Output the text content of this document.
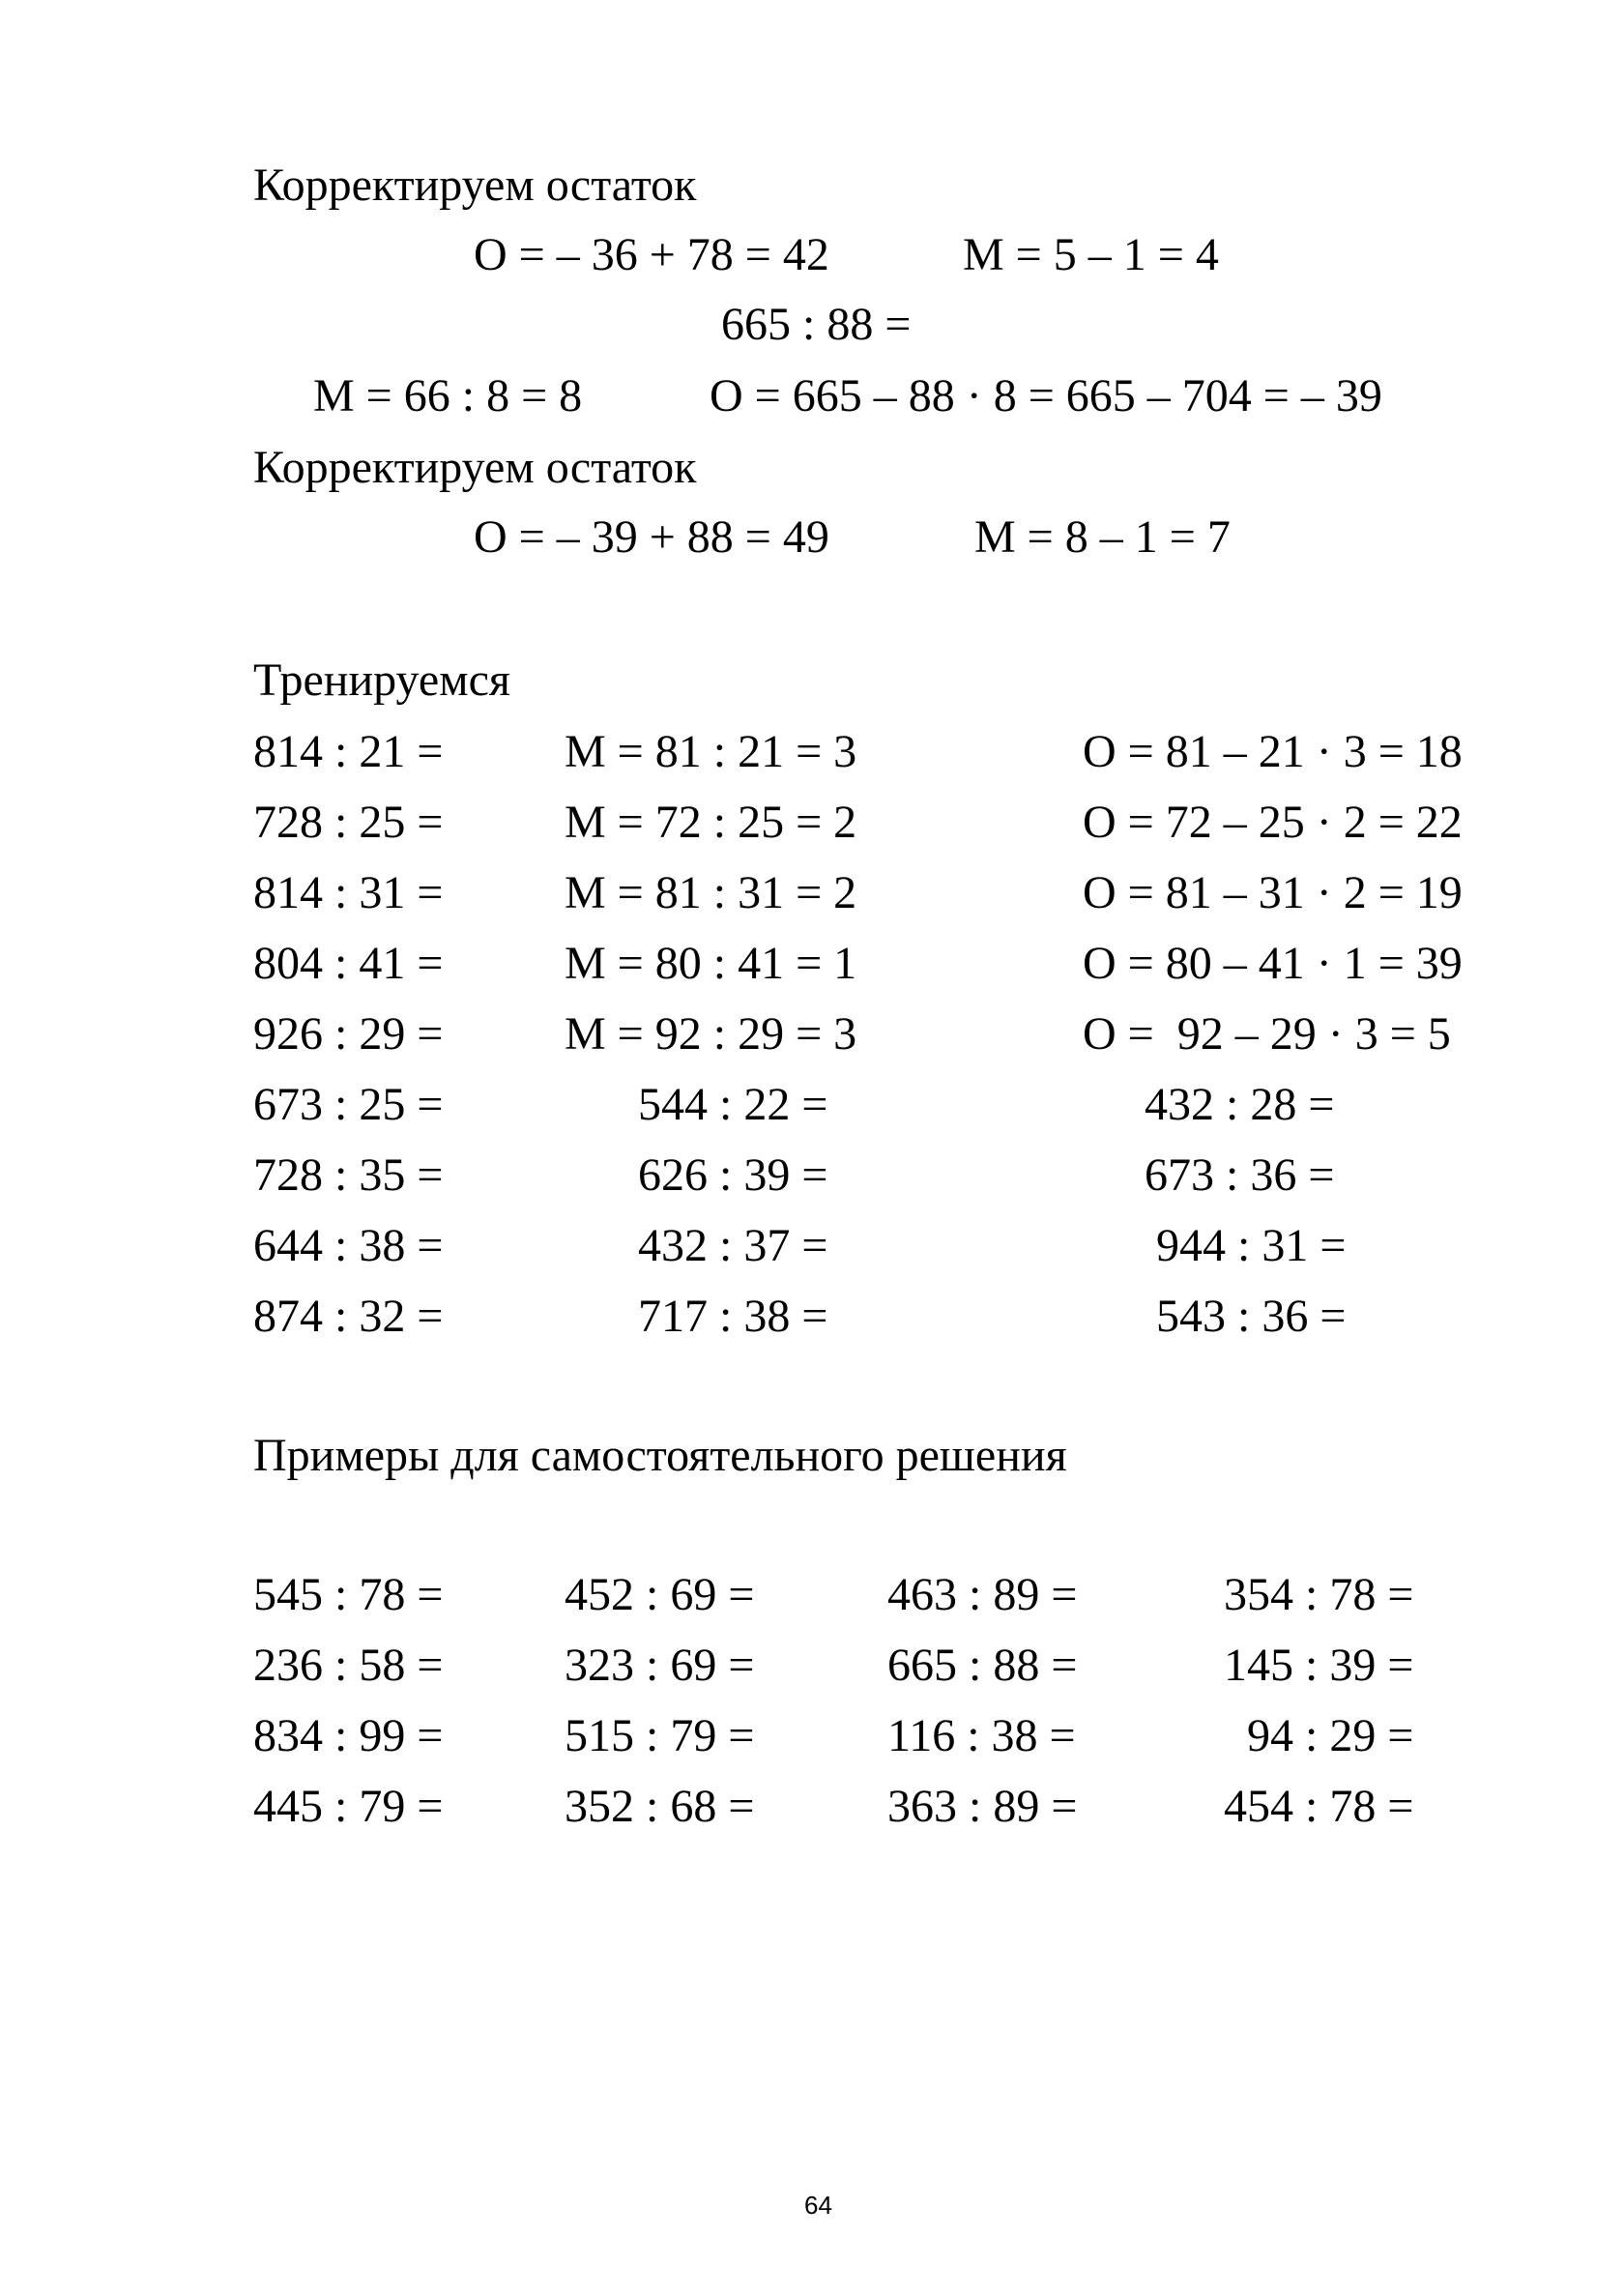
Корректируем остаток
О = – 36 + 78 = 42	М = 5 – 1 = 4
665 : 88 =
М = 66 : 8 = 8	О = 665 – 88 · 8 = 665 – 704 = – 39
Корректируем остаток
О = – 39 + 88 = 49	М = 8 – 1 = 7
Тренируемся
814 : 21 =	М = 81 : 21 = 3	О = 81 – 21 · 3 = 18
728 : 25 =	М = 72 : 25 = 2	О = 72 – 25 · 2 = 22
814 : 31 =	М = 81 : 31 = 2	О = 81 – 31 · 2 = 19
804 : 41 =	М = 80 : 41 = 1	О = 80 – 41 · 1 = 39
926 : 29 =	М = 92 : 29 = 3	О =  92 – 29 · 3 = 5
673 : 25 =	544 : 22 =	432 : 28 =
728 : 35 =	626 : 39 =	673 : 36 =
644 : 38 =	432 : 37 =	944 : 31 =
874 : 32 =	717 : 38 =	543 : 36 =
Примеры для самостоятельного решения
545 : 78 =	452 : 69 =	463 : 89 =	354 : 78 =
236 : 58 =	323 : 69 =	665 : 88 =	145 : 39 =
834 : 99 =	515 : 79 =	116 : 38 =	94 : 29 =
445 : 79 =	352 : 68 =	363 : 89 =	454 : 78 =
64
